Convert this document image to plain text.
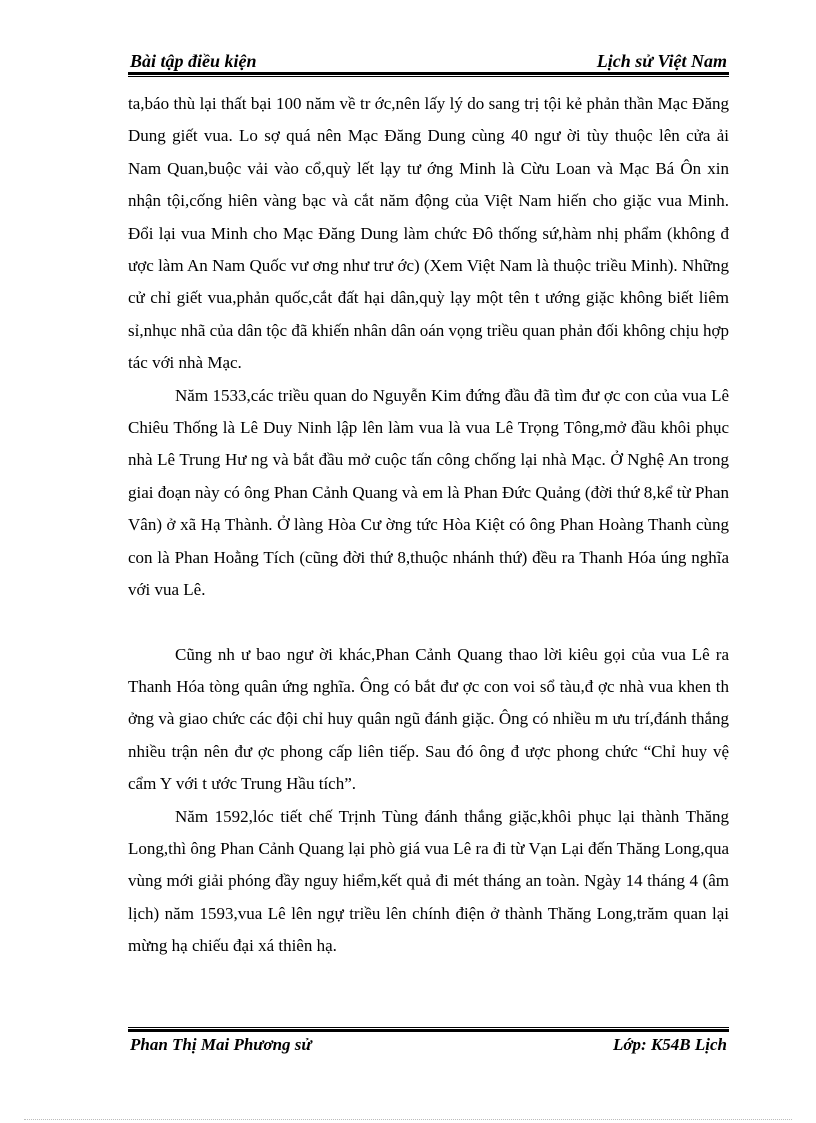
Bài tập điều kiện	Lịch sử Việt Nam

ta,báo thù lại thất bại 100 năm về tr ớc,nên lấy lý do sang trị tội kẻ phản thần Mạc Đăng Dung giết vua. Lo sợ quá nên Mạc Đăng Dung cùng 40 ngư ời tùy thuộc lên cửa ải Nam Quan,buộc vải vào cổ,quỳ lết lạy tư ớng Minh là Cừu Loan và Mạc Bá Ôn xin nhận tội,cống hiên vàng bạc và cắt năm động của Việt Nam hiến cho giặc vua Minh. Đổi lại vua Minh cho Mạc Đăng Dung làm chức Đô thống sứ,hàm nhị phẩm (không đ ược làm An Nam Quốc vư ơng như trư ớc) (Xem Việt Nam là thuộc triều Minh). Những cử chỉ giết vua,phản quốc,cắt đất hại dân,quỳ lạy một tên t ướng giặc không biết liêm sỉ,nhục nhã của dân tộc đã khiến nhân dân oán vọng triều quan phản đối không chịu hợp tác với nhà Mạc.

Năm 1533,các triều quan do Nguyễn Kim đứng đầu đã tìm đư ợc con của vua Lê Chiêu Thống là Lê Duy Ninh lập lên làm vua là vua Lê Trọng Tông,mở đầu khôi phục nhà Lê Trung Hư ng và bắt đầu mở cuộc tấn công chống lại nhà Mạc. Ở Nghệ An trong giai đoạn này có ông Phan Cảnh Quang và em là Phan Đức Quảng (đời thứ 8,kể từ Phan Vân) ở xã Hạ Thành. Ở làng Hòa Cư ờng tức Hòa Kiệt có ông Phan Hoàng Thanh cùng con là Phan Hoằng Tích (cũng đời thứ 8,thuộc nhánh thứ) đều ra Thanh Hóa úng nghĩa với vua Lê.

Cũng nh ư bao ngư ời khác,Phan Cảnh Quang thao lời kiêu gọi của vua Lê ra Thanh Hóa tòng quân ứng nghĩa. Ông có bắt đư ợc con voi sổ tàu,đ ợc nhà vua khen th ởng và giao chức các đội chỉ huy quân ngũ đánh giặc. Ông có nhiều m ưu trí,đánh thắng nhiều trận nên đư ợc phong cấp liên tiếp. Sau đó ông đ ược phong chức “Chỉ huy vệ cẩm Y với t ước Trung Hầu tích”.

Năm 1592,lóc tiết chế Trịnh Tùng đánh thắng giặc,khôi phục lại thành Thăng Long,thì ông Phan Cảnh Quang lại phò giá vua Lê ra đi từ Vạn Lại đến Thăng Long,qua vùng mới giải phóng đầy nguy hiểm,kết quả đi mét tháng an toàn. Ngày 14 tháng 4 (âm lịch) năm 1593,vua Lê lên ngự triều lên chính điện ở thành Thăng Long,trăm quan lại mừng hạ chiếu đại xá thiên hạ.

Phan Thị Mai Phương sử	Lớp: K54B Lịch
